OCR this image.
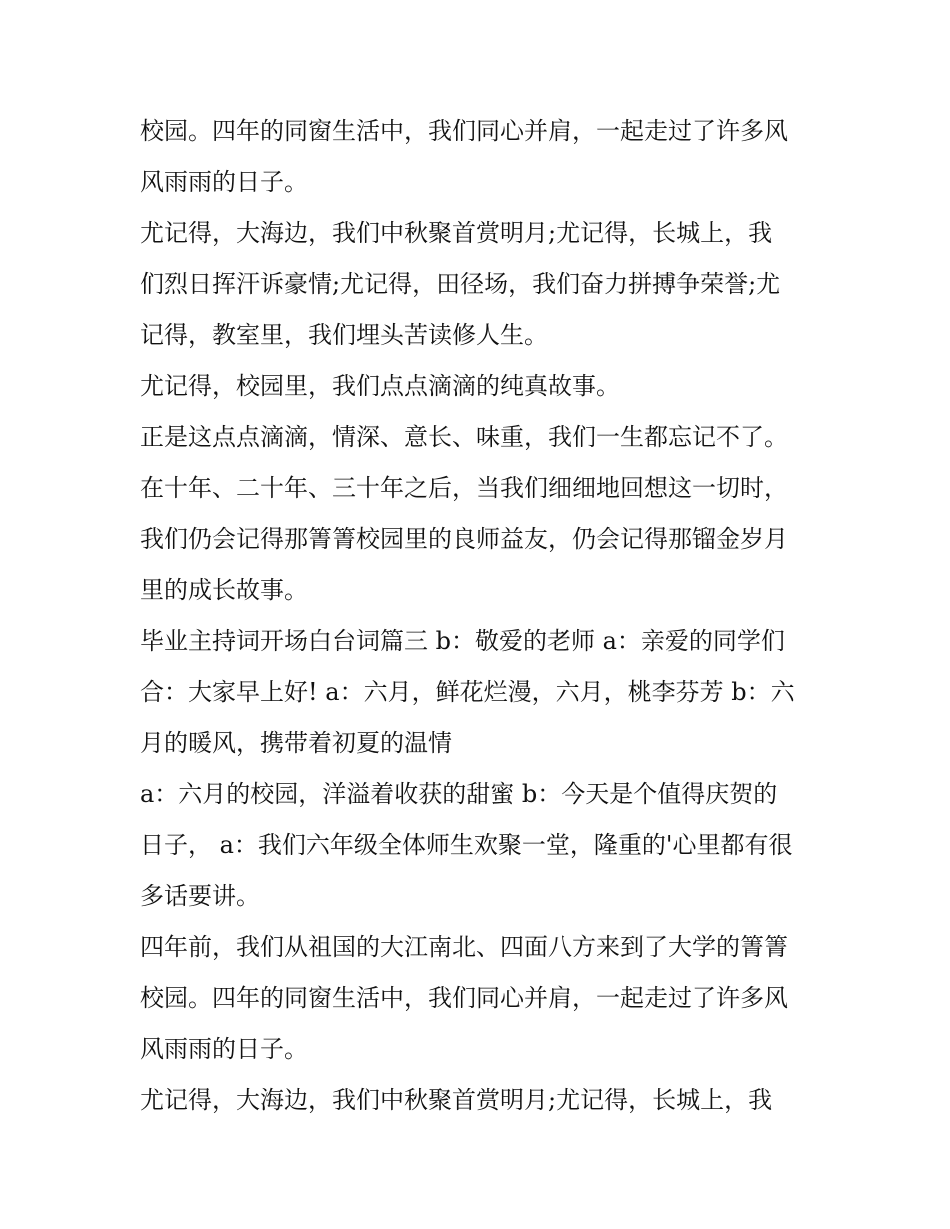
校园。四年的同窗生活中，我们同心并肩，一起走过了许多风
风雨雨的日子。

尤记得，大海边，我们中秋聚首赏明月;尤记得，长城上，我
们烈日挥汗诉豪情;尤记得，田径场，我们奋力拼搏争荣誉;尤
记得，教室里，我们埋头苦读修人生。

尤记得，校园里，我们点点滴滴的纯真故事。

正是这点点滴滴，情深、意长、味重，我们一生都忘记不了。

在十年、二十年、三十年之后，当我们细细地回想这一切时，
我们仍会记得那箐箐校园里的良师益友，仍会记得那镏金岁月
里的成长故事。

毕业主持词开场白台词篇三 b：敬爱的老师 a：亲爱的同学们
合：大家早上好! a：六月，鲜花烂漫，六月，桃李芬芳 b：六
月的暖风，携带着初夏的温情

a：六月的校园，洋溢着收获的甜蜜 b：今天是个值得庆贺的
日子， a：我们六年级全体师生欢聚一堂，隆重的'心里都有很
多话要讲。

四年前，我们从祖国的大江南北、四面八方来到了大学的箐箐
校园。四年的同窗生活中，我们同心并肩，一起走过了许多风
风雨雨的日子。

尤记得，大海边，我们中秋聚首赏明月;尤记得，长城上，我
